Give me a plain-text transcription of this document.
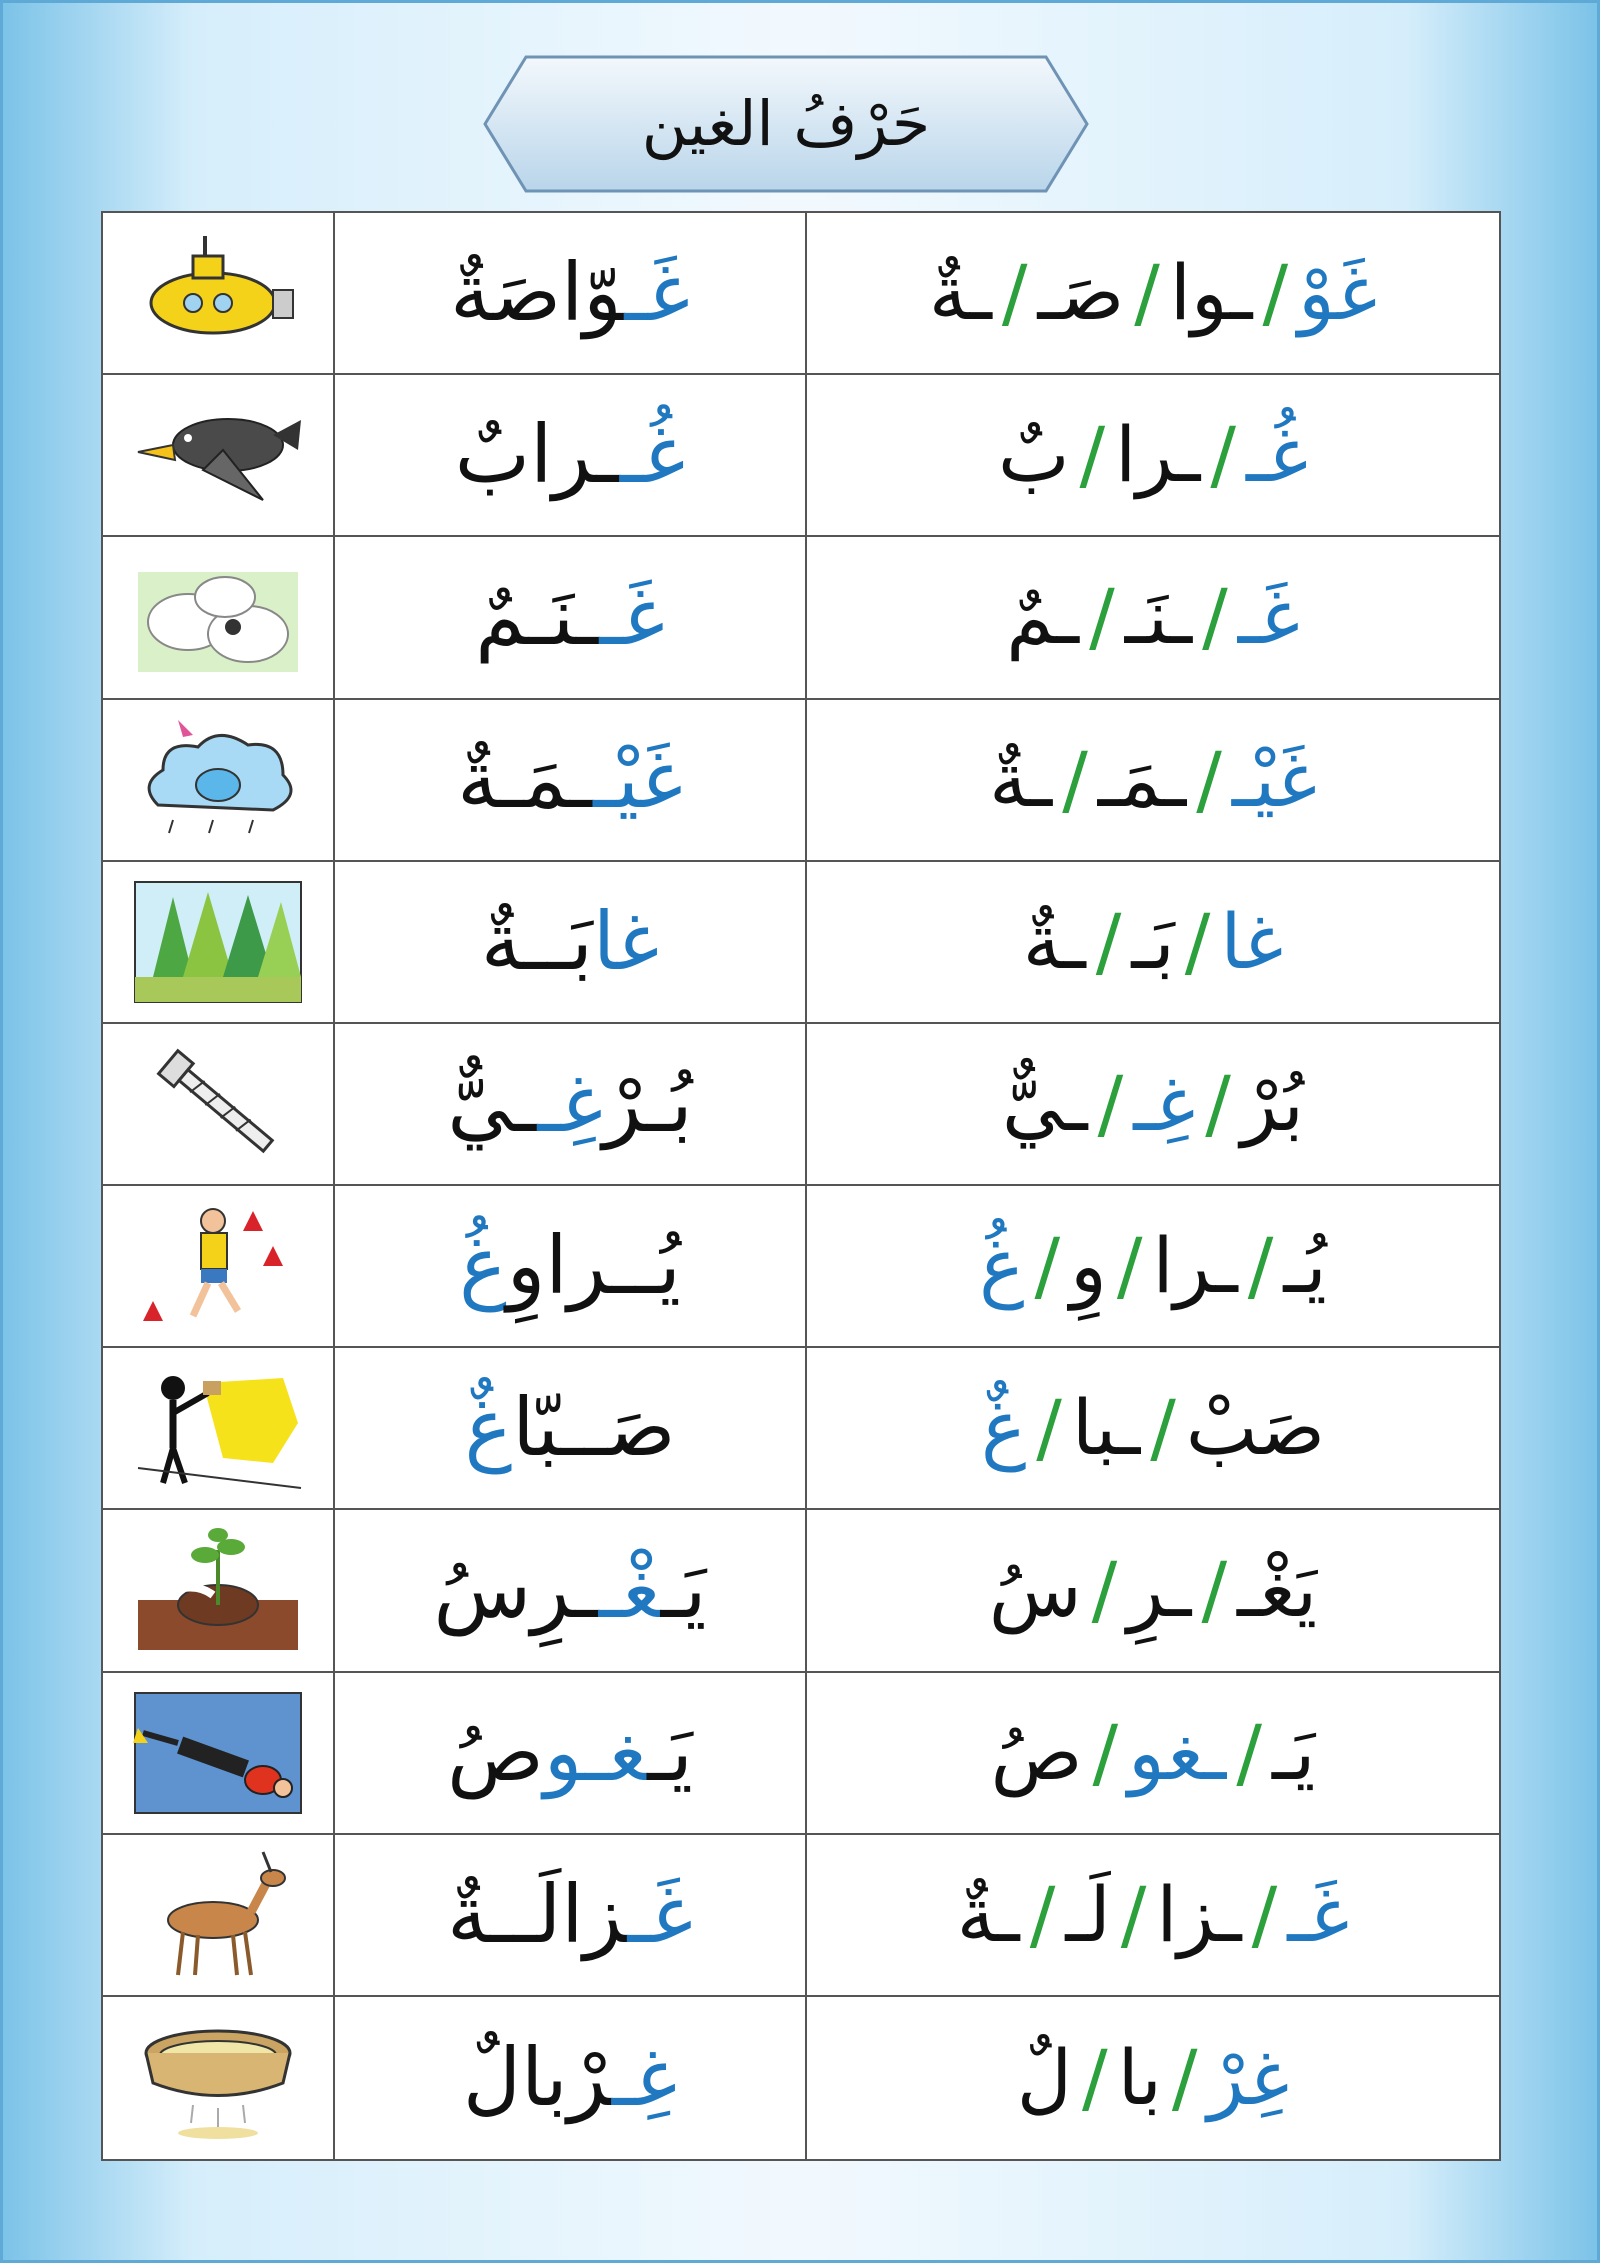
حَرْفُ الغين
غَـوّاصَةٌ	غَوْ/ـوا/صَـ/ـةٌ
غُــرابٌ	غُـ/ـرا/بٌ
غَــنَـمٌ	غَـ/ـنَـ/ـمٌ
غَيْــمَـةٌ	غَيْـ/ـمَـ/ـةٌ
غابَــةٌ	غا/بَـ/ـةٌ
بُـرْغِــيٌّ	بُرْ/غِـ/ـيٌّ
يُــراوِغُ	يُـ/ـرا/وِ/غُ
صَــبّاغٌ	صَبْ/ـبا/غٌ
يَـغْــرِسُ	يَغْـ/ـرِ/سُ
يَـغـوصُ	يَـ/ـغو/صُ
غَـزالَــةٌ	غَـ/ـزا/لَـ/ـةٌ
غِـرْبالٌ	غِرْ/با/لٌ
